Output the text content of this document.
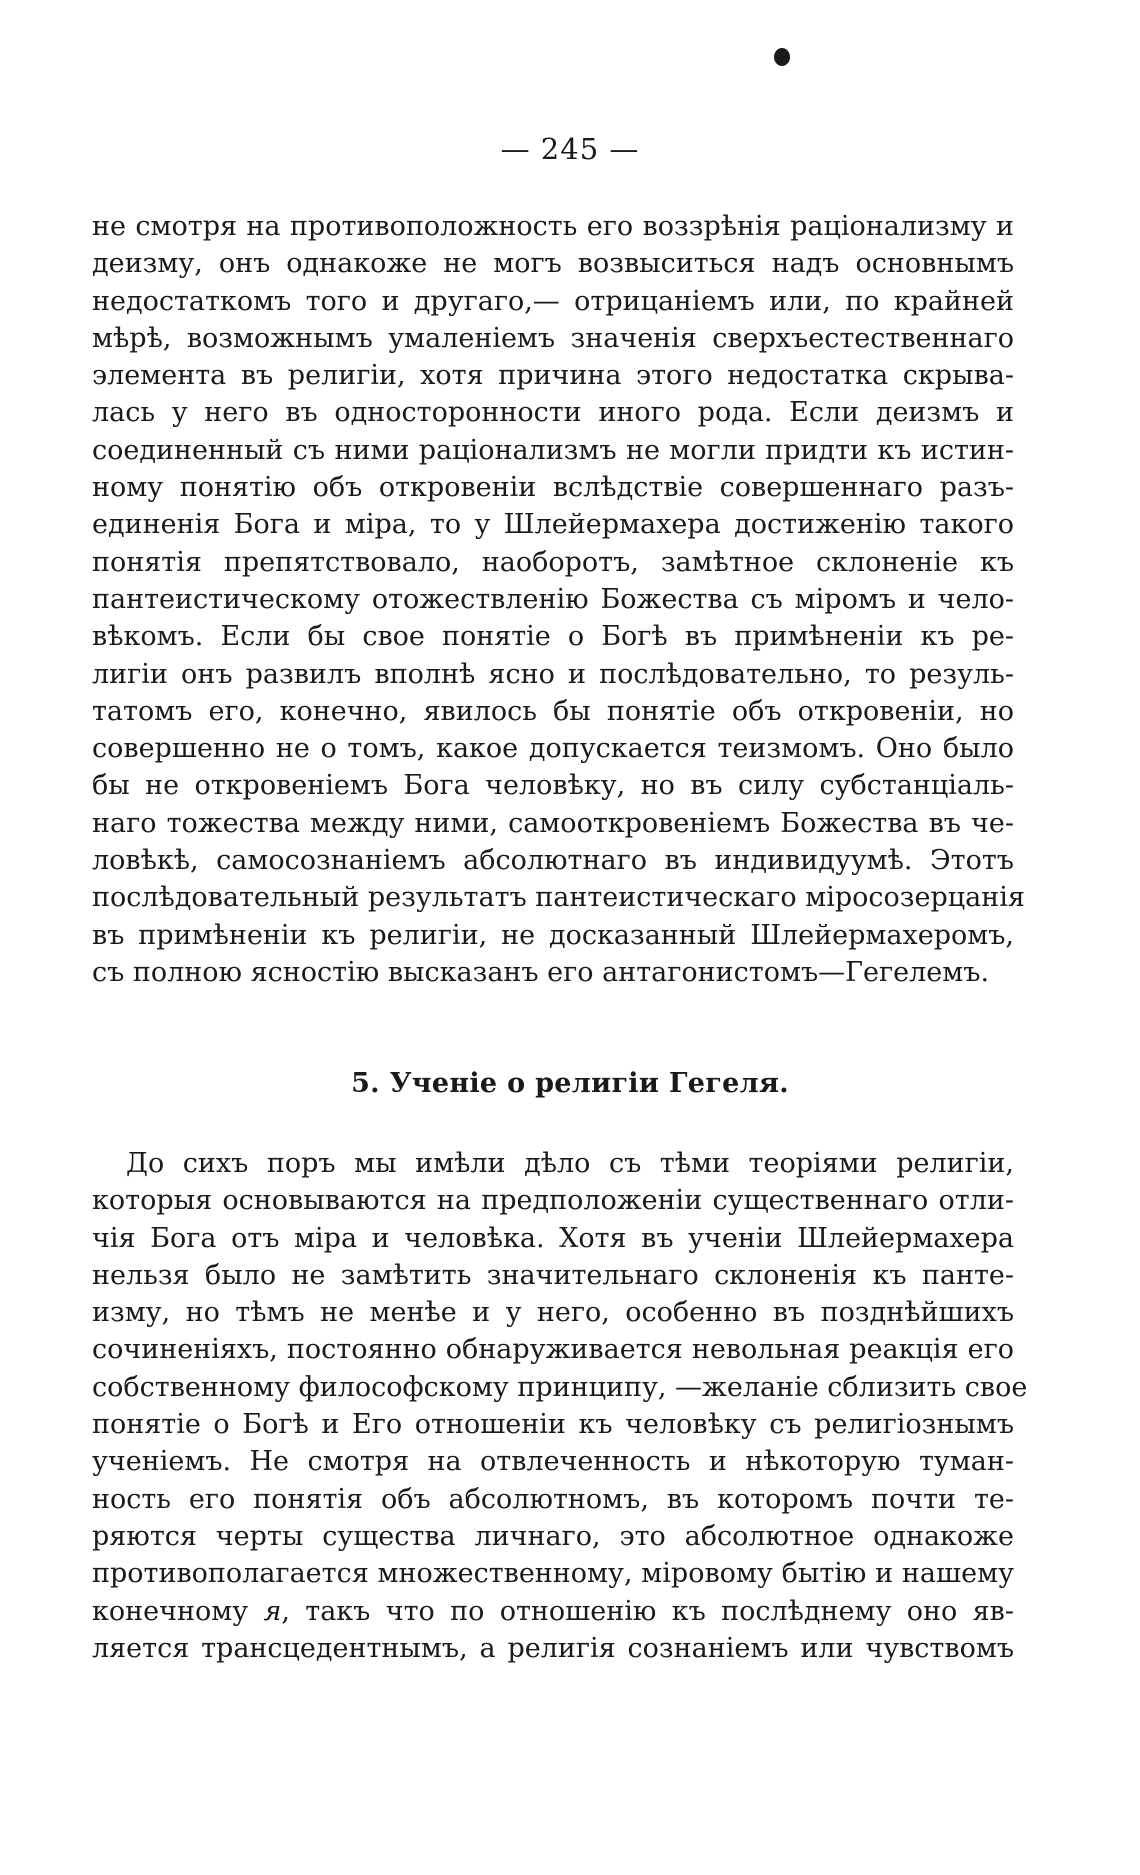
— 245 —
не смотря на противоположность его воззрѣнія раціонализму и
деизму, онъ однакоже не могъ возвыситься надъ основнымъ
недостаткомъ того и другаго,— отрицаніемъ или, по крайней
мѣрѣ, возможнымъ умаленіемъ значенія сверхъестественнаго
элемента въ религіи, хотя причина этого недостатка скрыва-
лась у него въ односторонности иного рода. Если деизмъ и
соединенный съ ними раціонализмъ не могли придти къ истин-
ному понятію объ откровеніи вслѣдствіе совершеннаго разъ-
единенія Бога и міра, то у Шлейермахера достиженію такого
понятія препятствовало, наоборотъ, замѣтное склоненіе къ
пантеистическому отожествленію Божества съ міромъ и чело-
вѣкомъ. Если бы свое понятіе о Богѣ въ примѣненіи къ ре-
лигіи онъ развилъ вполнѣ ясно и послѣдовательно, то резуль-
татомъ его, конечно, явилось бы понятіе объ откровеніи, но
совершенно не о томъ, какое допускается теизмомъ. Оно было
бы не откровеніемъ Бога человѣку, но въ силу субстанціаль-
наго тожества между ними, самооткровеніемъ Божества въ че-
ловѣкѣ, самосознаніемъ абсолютнаго въ индивидуумѣ. Этотъ
послѣдовательный результатъ пантеистическаго міросозерцанія
въ примѣненіи къ религіи, не досказанный Шлейермахеромъ,
съ полною ясностію высказанъ его антагонистомъ—Гегелемъ.
5. Ученіе о религіи Гегеля.
До сихъ поръ мы имѣли дѣло съ тѣми теоріями религіи,
которыя основываются на предположеніи существеннаго отли-
чія Бога отъ міра и человѣка. Хотя въ ученіи Шлейермахера
нельзя было не замѣтить значительнаго склоненія къ панте-
изму, но тѣмъ не менѣе и у него, особенно въ позднѣйшихъ
сочиненіяхъ, постоянно обнаруживается невольная реакція его
собственному философскому принципу, —желаніе сблизить свое
понятіе о Богѣ и Его отношеніи къ человѣку съ религіознымъ
ученіемъ. Не смотря на отвлеченность и нѣкоторую туман-
ность его понятія объ абсолютномъ, въ которомъ почти те-
ряются черты существа личнаго, это абсолютное однакоже
противополагается множественному, міровому бытію и нашему
конечному я, такъ что по отношенію къ послѣднему оно яв-
ляется трансцедентнымъ, а религія сознаніемъ или чувствомъ
